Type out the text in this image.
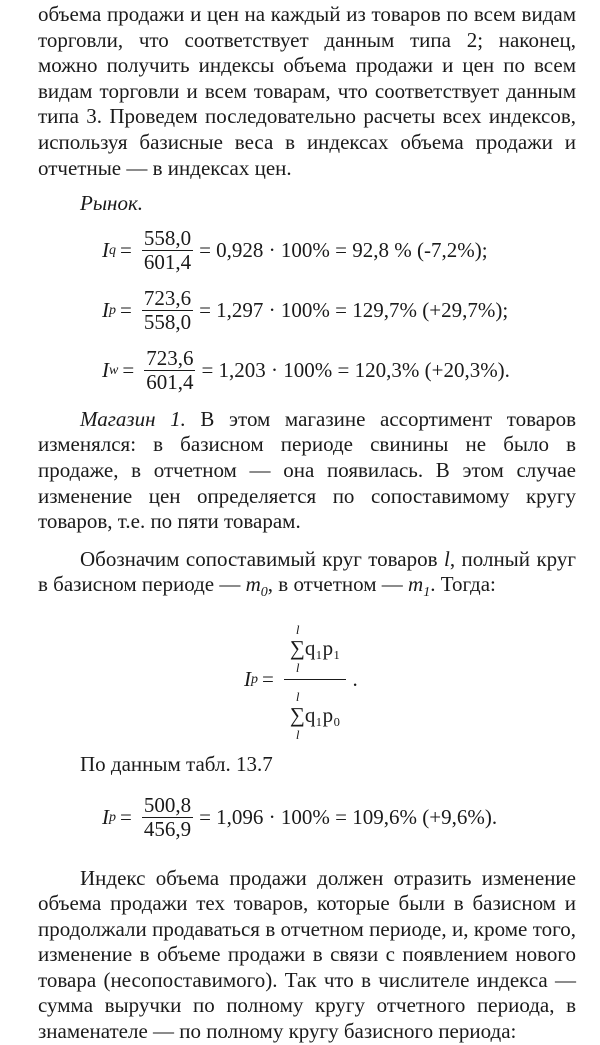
объема продажи и цен на каждый из товаров по всем видам торговли, что соответствует данным типа 2; наконец, можно получить индексы объема продажи и цен по всем видам торговли и всем товарам, что соответствует данным типа 3. Проведем последовательно расчеты всех индексов, используя базисные веса в индексах объема продажи и отчетные — в индексах цен.

Рынок.

I $q = \frac{558,0}{601,4} = 0,928 \cdot 100\% = 92,8$ % (-7,2%);
I $p = \frac{723,6}{558,0} = 1,297 \cdot 100\% = 129,7\%$ (+29,7%);
I $w = \frac{723,6}{601,4} = 1,203 \cdot 100\% = 120,3\%$ (+20,3%).

Магазин 1. В этом магазине ассортимент товаров изменялся: в базисном периоде свинины не было в продаже, в отчетном — она появилась. В этом случае изменение цен определяется по сопоставимому кругу товаров, т.е. по пяти товарам.

Обозначим сопоставимый круг товаров l, полный круг в базисном периоде — $m_0$, в отчетном — $m_1$. Тогда:

I p = l
∑q₁p₁
l
l
∑q₁p₀
l .

По данным табл. 13.7

I $p = \frac{500,8}{456,9} = 1,096 \cdot 100\% = 109,6\%$ (+9,6%).

Индекс объема продажи должен отразить изменение объема продажи тех товаров, которые были в базисном и продолжали продаваться в отчетном периоде, и, кроме того, изменение в объеме продажи в связи с появлением нового товара (несопоставимого). Так что в числителе индекса — сумма выручки по полному кругу отчетного периода, в знаменателе — по полному кругу базисного периода:
